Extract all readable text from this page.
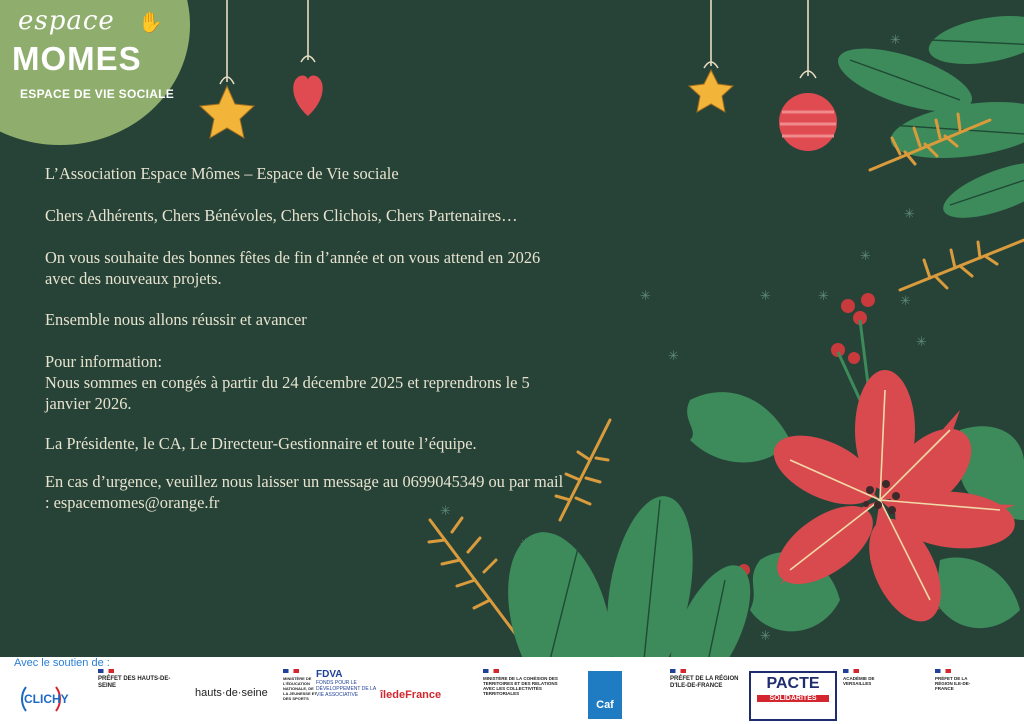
✳
✳
✳
✳
✳
✳
✳
✳
✳
✳	✳
espace ✋
MOMES
ESPACE DE VIE SOCIALE

L’Association Espace Mômes – Espace de Vie sociale

Chers Adhérents, Chers Bénévoles, Chers Clichois, Chers Partenaires…

On vous souhaite des bonnes fêtes de fin d’année et on vous attend en 2026 avec des nouveaux projets.

Ensemble nous allons réussir et avancer

Pour information:

Nous sommes en congés à partir du 24 décembre 2025 et reprendrons le 5 janvier 2026.

La Présidente, le CA, Le Directeur-Gestionnaire et toute l’équipe.

En cas d’urgence, veuillez nous laisser un message au 0699045349 ou par mail : espacemomes@orange.fr

Avec le soutien de :
CLICHY
PRÉFET DES HAUTS-DE-SEINE
hauts·de·seine
MINISTÈRE DE L'ÉDUCATION NATIONALE, DE LA JEUNESSE ET DES SPORTS
FDVA
FONDS POUR LE DÉVELOPPEMENT DE LA VIE ASSOCIATIVE	îledeFrance
MINISTÈRE DE LA COHÉSION DES TERRITOIRES ET DES RELATIONS AVEC LES COLLECTIVITÉS TERRITORIALES
Caf
PRÉFET DE LA RÉGION D'ILE-DE-FRANCE	PACTE
SOLIDARITÉS
ACADÉMIE DE VERSAILLES
PRÉFET DE LA RÉGION ILE-DE-FRANCE
